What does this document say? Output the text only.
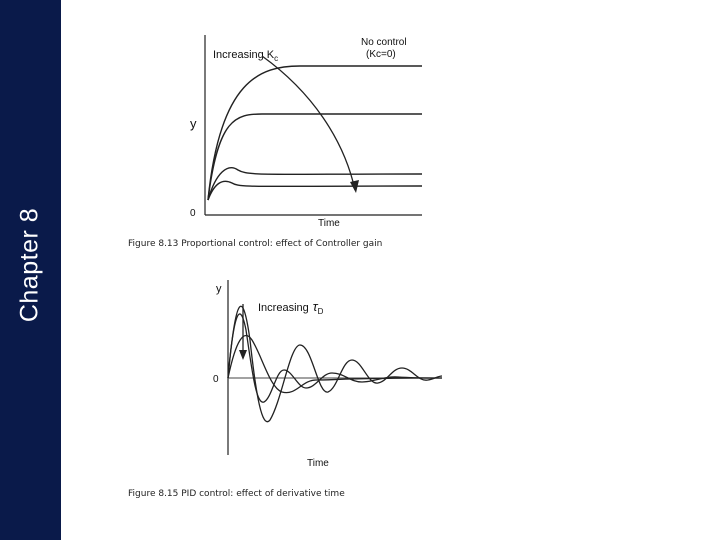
Chapter 8
y
0
Time
Increasing $K_c$
No control
(Kc=0)
Figure 8.13 Proportional control: effect of Controller gain
y
0
Time
Increasing $\tau_D$
Figure 8.15 PID control: effect of derivative time
